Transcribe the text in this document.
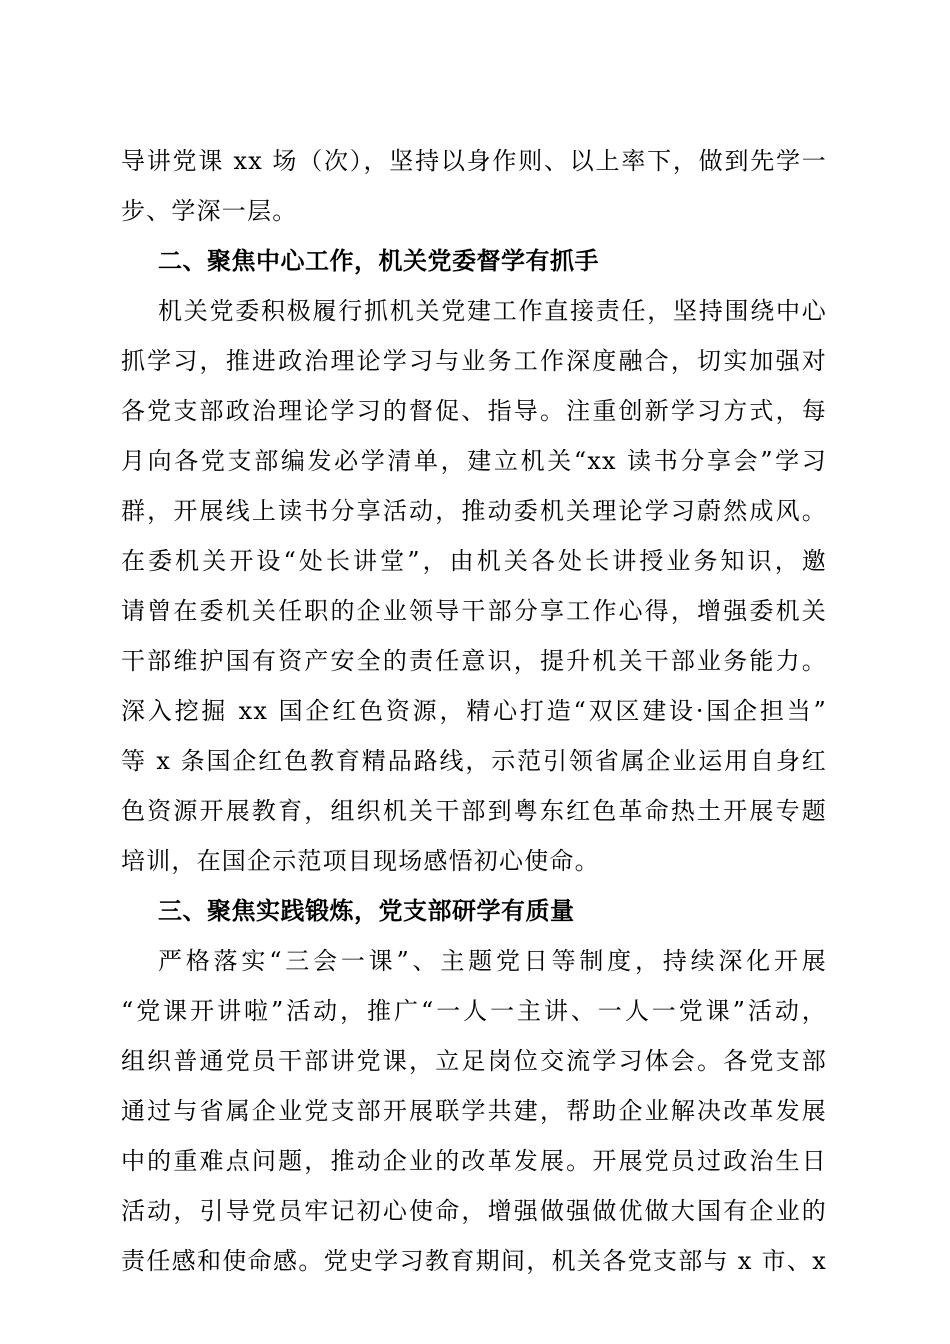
导讲党课 xx 场（次），坚持以身作则、以上率下，做到先学一
步、学深一层。
二、聚焦中心工作，机关党委督学有抓手
机关党委积极履行抓机关党建工作直接责任，坚持围绕中心
抓学习，推进政治理论学习与业务工作深度融合，切实加强对
各党支部政治理论学习的督促、指导。注重创新学习方式，每
月向各党支部编发必学清单，建立机关“xx 读书分享会”学习
群，开展线上读书分享活动，推动委机关理论学习蔚然成风。
在委机关开设“处长讲堂”，由机关各处长讲授业务知识，邀
请曾在委机关任职的企业领导干部分享工作心得，增强委机关
干部维护国有资产安全的责任意识，提升机关干部业务能力。
深入挖掘 xx 国企红色资源，精心打造“双区建设·国企担当”
等 x 条国企红色教育精品路线，示范引领省属企业运用自身红
色资源开展教育，组织机关干部到粤东红色革命热土开展专题
培训，在国企示范项目现场感悟初心使命。
三、聚焦实践锻炼，党支部研学有质量
严格落实“三会一课”、主题党日等制度，持续深化开展
“党课开讲啦”活动，推广“一人一主讲、一人一党课”活动，
组织普通党员干部讲党课，立足岗位交流学习体会。各党支部
通过与省属企业党支部开展联学共建，帮助企业解决改革发展
中的重难点问题，推动企业的改革发展。开展党员过政治生日
活动，引导党员牢记初心使命，增强做强做优做大国有企业的
责任感和使命感。党史学习教育期间，机关各党支部与 x 市、x
